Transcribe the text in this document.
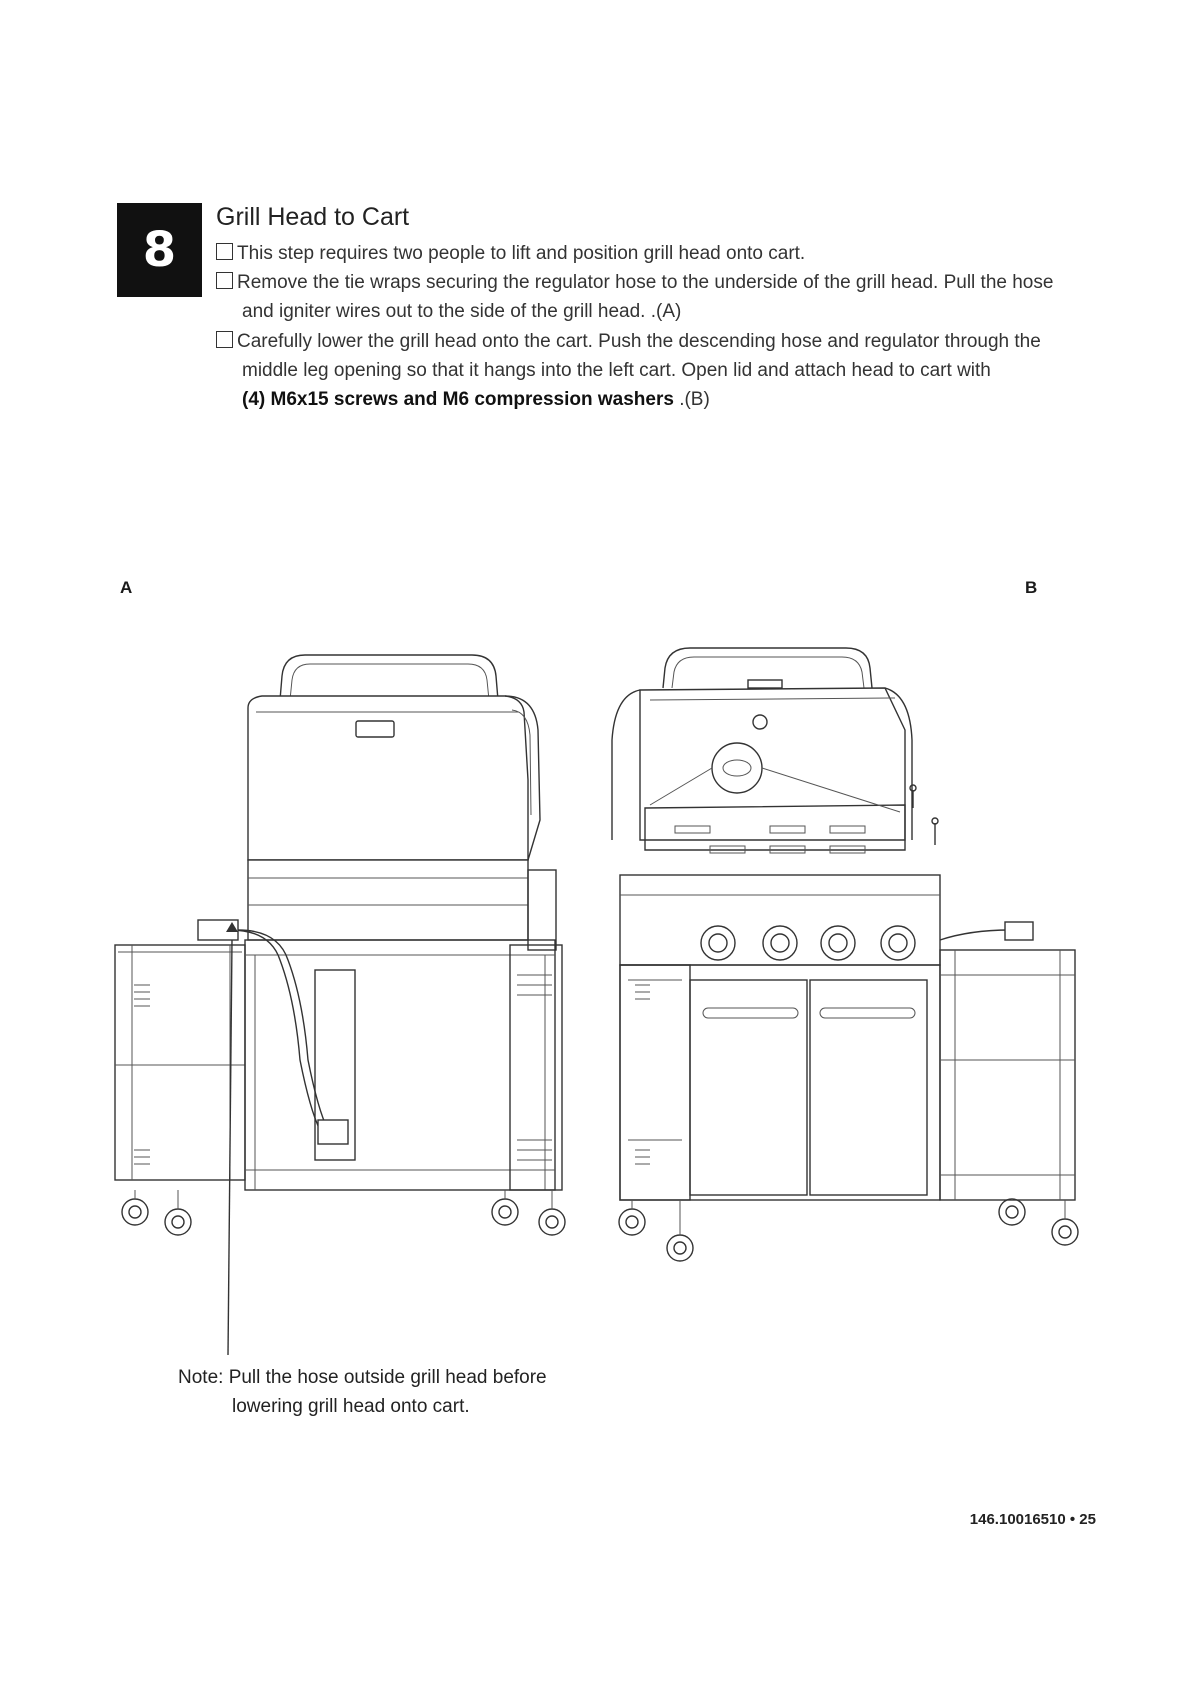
8
Grill Head to Cart
This step requires two people to lift and position grill head onto cart.
Remove the tie wraps securing the regulator hose to the underside of the grill head. Pull the hose
and igniter wires out to the side of the grill head. .(A)
Carefully lower the grill head onto the cart. Push the descending hose and regulator through the
middle leg opening so that it hangs into the left cart. Open lid and attach head to cart with
(4) M6x15 screws and M6 compression washers .(B)
A	B
Note: Pull the hose outside grill head before
lowering grill head onto cart.
146.10016510 • 25
